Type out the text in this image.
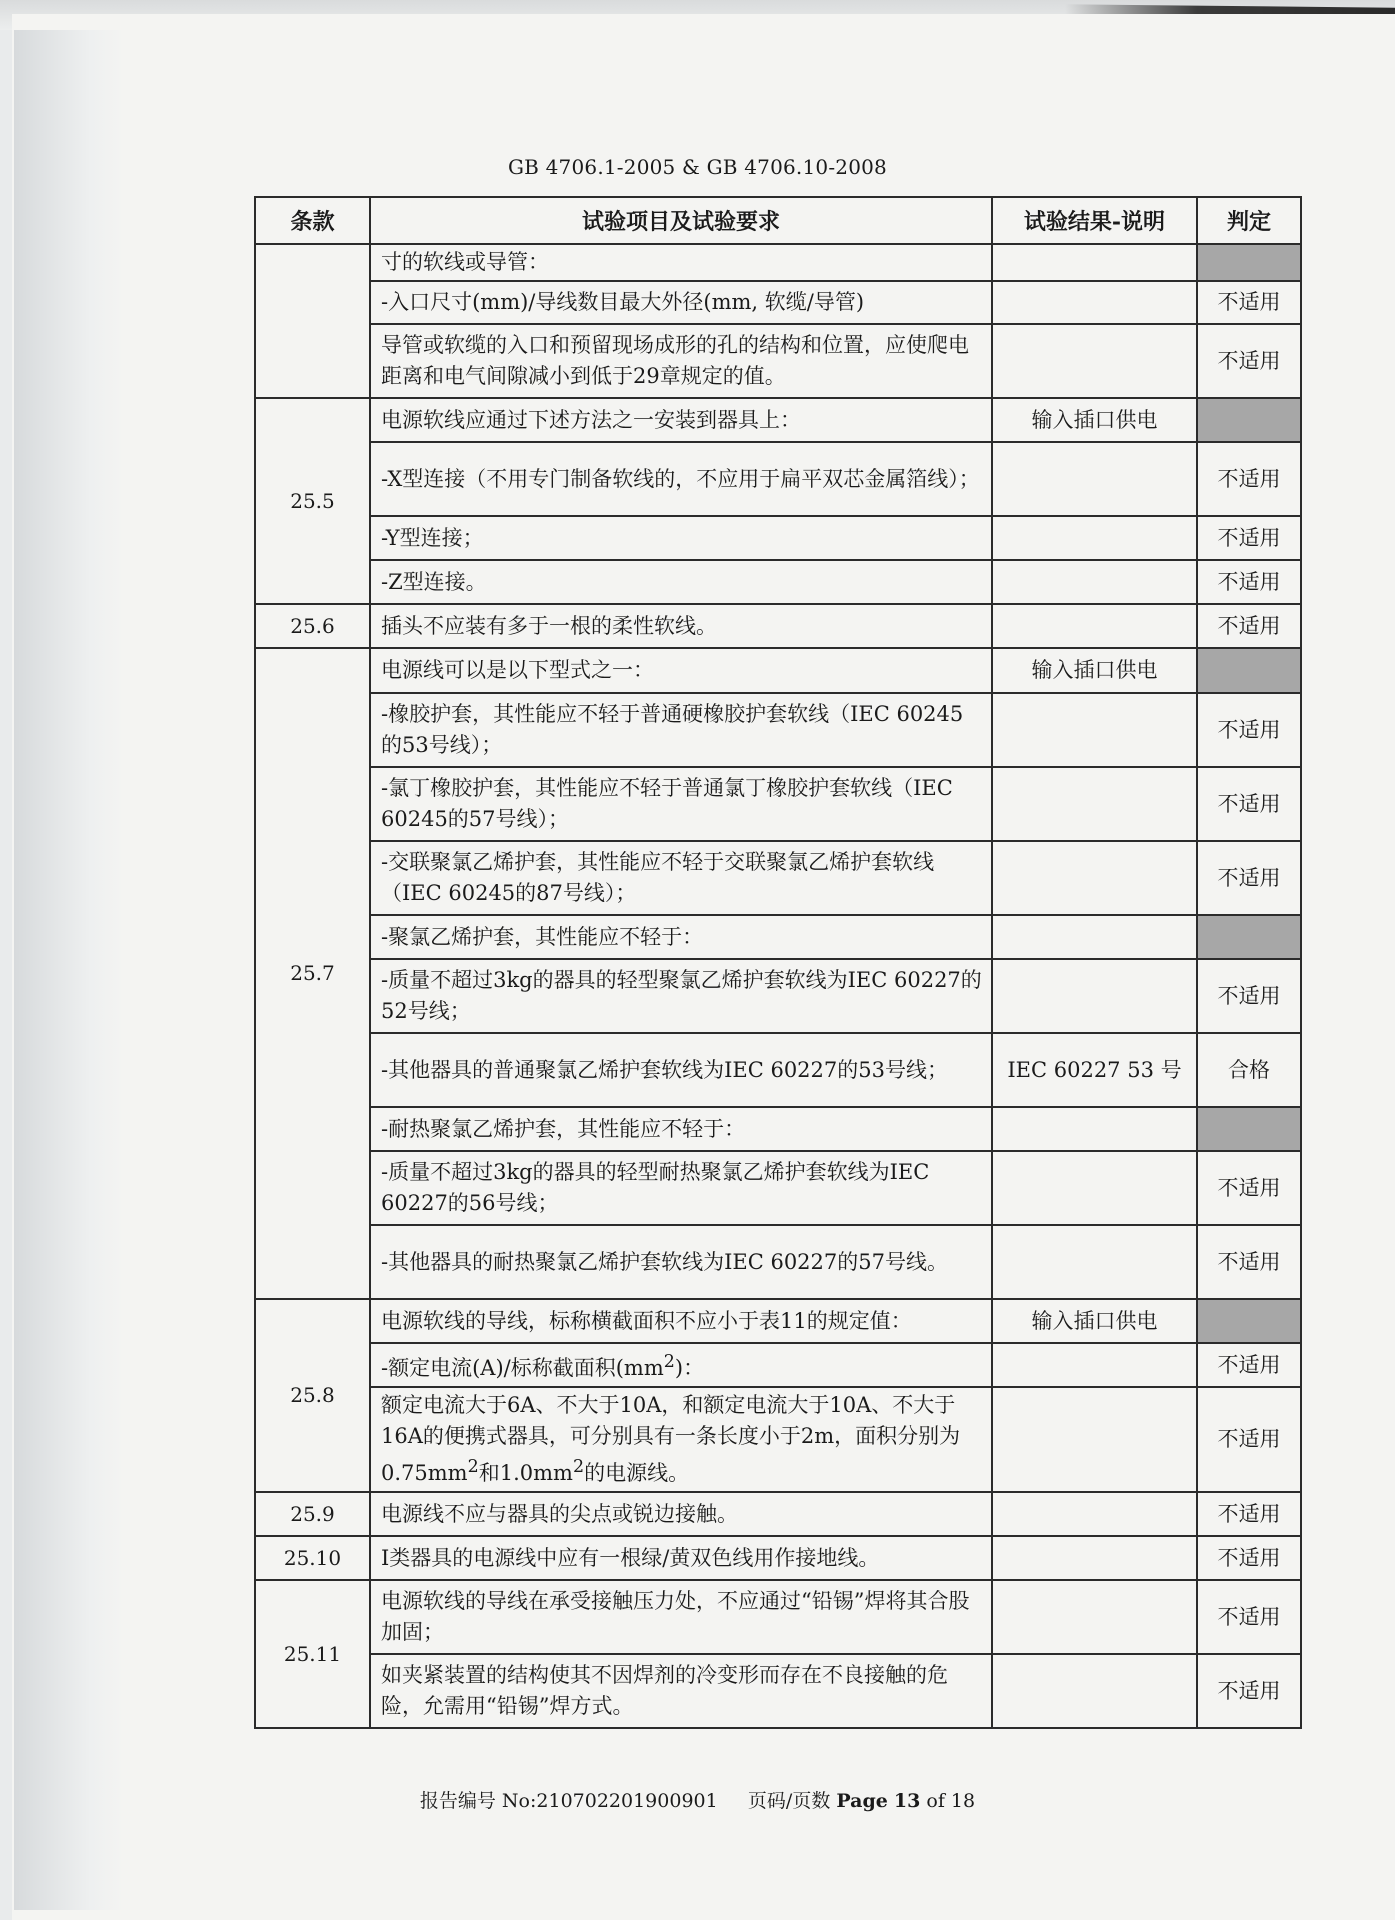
GB 4706.1-2005 & GB 4706.10-2008
条款	试验项目及试验要求	试验结果-说明	判定
	寸的软线或导管：		
	-入口尺寸(mm)/导线数目最大外径(mm, 软缆/导管)		不适用
	导管或软缆的入口和预留现场成形的孔的结构和位置，应使爬电距离和电气间隙减小到低于29章规定的值。		不适用
25.5	电源软线应通过下述方法之一安装到器具上：	输入插口供电	
	-X型连接（不用专门制备软线的，不应用于扁平双芯金属箔线）；		不适用
	-Y型连接；		不适用
	-Z型连接。		不适用
25.6	插头不应装有多于一根的柔性软线。		不适用
25.7	电源线可以是以下型式之一：	输入插口供电	
	-橡胶护套，其性能应不轻于普通硬橡胶护套软线（IEC 60245的53号线）；		不适用
	-氯丁橡胶护套，其性能应不轻于普通氯丁橡胶护套软线（IEC 60245的57号线）；		不适用
	-交联聚氯乙烯护套，其性能应不轻于交联聚氯乙烯护套软线（IEC 60245的87号线）；		不适用
	-聚氯乙烯护套，其性能应不轻于：		
	-质量不超过3kg的器具的轻型聚氯乙烯护套软线为IEC 60227的52号线；		不适用
	-其他器具的普通聚氯乙烯护套软线为IEC 60227的53号线；	IEC 60227 53 号	合格
	-耐热聚氯乙烯护套，其性能应不轻于：		
	-质量不超过3kg的器具的轻型耐热聚氯乙烯护套软线为IEC 60227的56号线；		不适用
	-其他器具的耐热聚氯乙烯护套软线为IEC 60227的57号线。		不适用
25.8	电源软线的导线，标称横截面积不应小于表11的规定值：	输入插口供电	
	-额定电流(A)/标称截面积$(mm^2)$：		不适用
	额定电流大于6A、不大于10A，和额定电流大于10A、不大于16A的便携式器具，可分别具有一条长度小于2m，面积分别为$0.75mm^2$和$1.0mm^2$的电源线。		不适用
25.9	电源线不应与器具的尖点或锐边接触。		不适用
25.10	Ⅰ类器具的电源线中应有一根绿/黄双色线用作接地线。		不适用
25.11	电源软线的导线在承受接触压力处，不应通过“铅锡”焊将其合股加固；		不适用
	如夹紧装置的结构使其不因焊剂的冷变形而存在不良接触的危险，允需用“铅锡”焊方式。		不适用
报告编号 No:210702201900901 页码/页数 Page 13 of 18
